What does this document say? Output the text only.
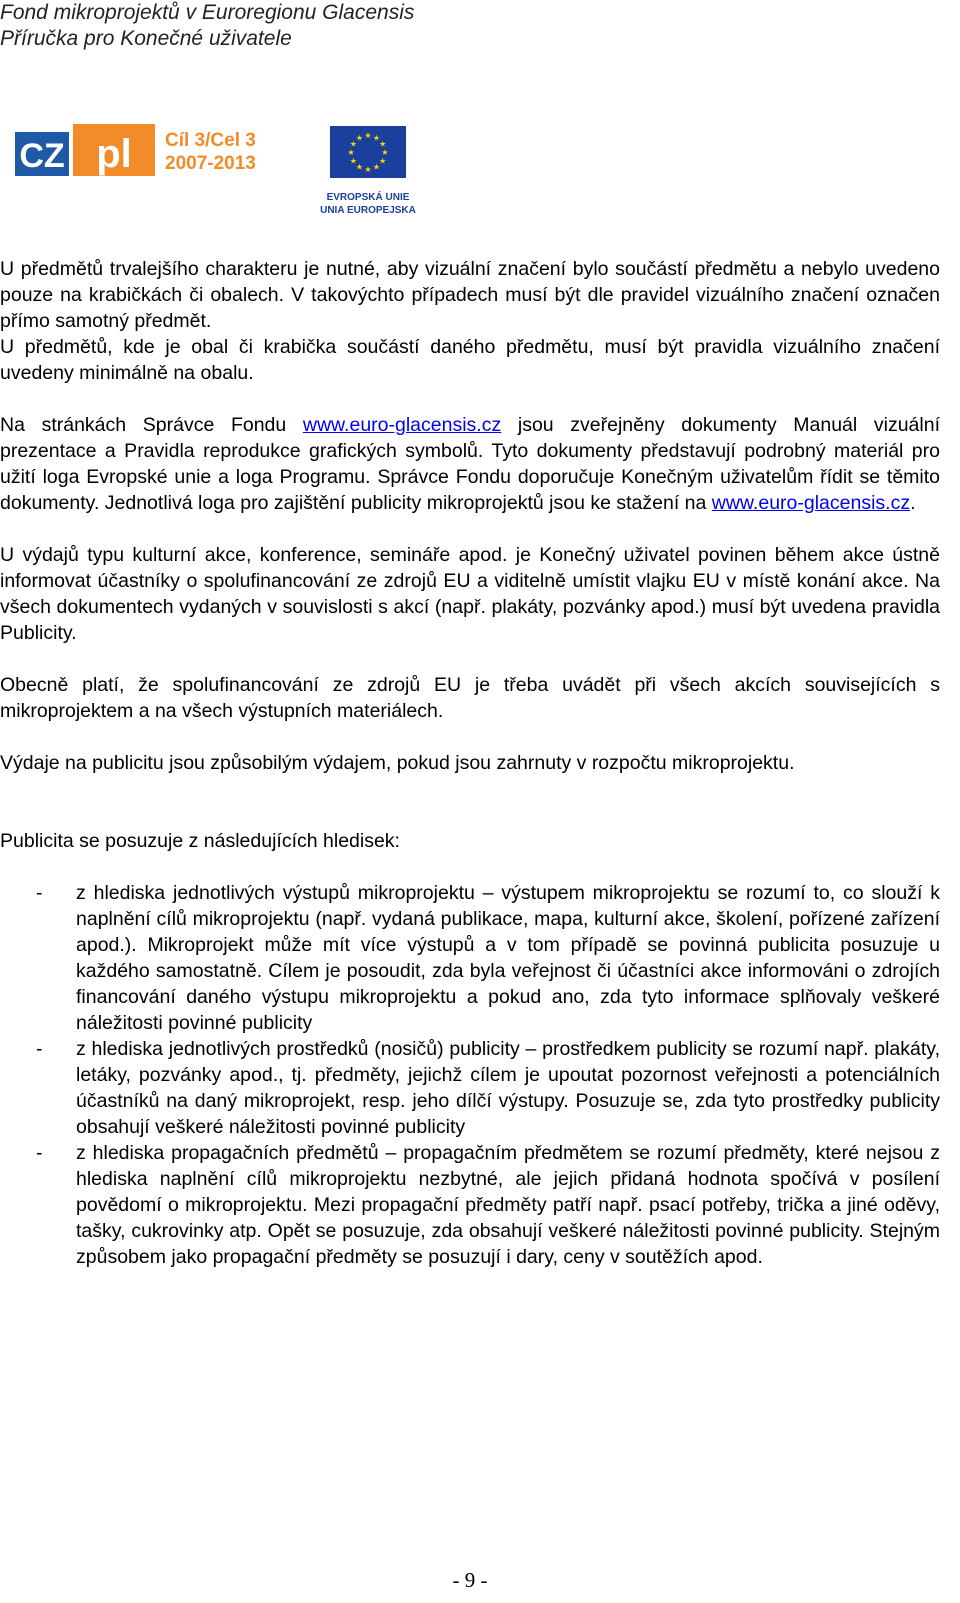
Fond mikroprojektů v Euroregionu Glacensis
Příručka pro Konečné uživatele
CZ pl Cíl 3/Cel 3
2007-2013
★ ★
★
★
★
★
★
★
★
★
★
★
EVROPSKÁ UNIE
UNIA EUROPEJSKA

U předmětů trvalejšího charakteru je nutné, aby vizuální značení bylo součástí předmětu a nebylo uvedeno pouze na krabičkách či obalech. V takovýchto případech musí být dle pravidel vizuálního značení označen přímo samotný předmět.

U předmětů, kde je obal či krabička součástí daného předmětu, musí být pravidla vizuálního značení uvedeny minimálně na obalu.

Na stránkách Správce Fondu www.euro-glacensis.cz jsou zveřejněny dokumenty Manuál vizuální prezentace a Pravidla reprodukce grafických symbolů. Tyto dokumenty představují podrobný materiál pro užití loga Evropské unie a loga Programu. Správce Fondu doporučuje Konečným uživatelům řídit se těmito dokumenty. Jednotlivá loga pro zajištění publicity mikroprojektů jsou ke stažení na www.euro-glacensis.cz.

U výdajů typu kulturní akce, konference, semináře apod. je Konečný uživatel povinen během akce ústně informovat účastníky o spolufinancování ze zdrojů EU a viditelně umístit vlajku EU v místě konání akce. Na všech dokumentech vydaných v souvislosti s akcí (např. plakáty, pozvánky apod.) musí být uvedena pravidla Publicity.

Obecně platí, že spolufinancování ze zdrojů EU je třeba uvádět při všech akcích souvisejících s mikroprojektem a na všech výstupních materiálech.

Výdaje na publicitu jsou způsobilým výdajem, pokud jsou zahrnuty v rozpočtu mikroprojektu.

Publicita se posuzuje z následujících hledisek:

- z hlediska jednotlivých výstupů mikroprojektu – výstupem mikroprojektu se rozumí to, co slouží k naplnění cílů mikroprojektu (např. vydaná publikace, mapa, kulturní akce, školení, pořízené zařízení apod.). Mikroprojekt může mít více výstupů a v tom případě se povinná publicita posuzuje u každého samostatně. Cílem je posoudit, zda byla veřejnost či účastníci akce informováni o zdrojích financování daného výstupu mikroprojektu a pokud ano, zda tyto informace splňovaly veškeré náležitosti povinné publicity
- z hlediska jednotlivých prostředků (nosičů) publicity – prostředkem publicity se rozumí např. plakáty, letáky, pozvánky apod., tj. předměty, jejichž cílem je upoutat pozornost veřejnosti a potenciálních účastníků na daný mikroprojekt, resp. jeho dílčí výstupy. Posuzuje se, zda tyto prostředky publicity obsahují veškeré náležitosti povinné publicity
- z hlediska propagačních předmětů – propagačním předmětem se rozumí předměty, které nejsou z hlediska naplnění cílů mikroprojektu nezbytné, ale jejich přidaná hodnota spočívá v posílení povědomí o mikroprojektu. Mezi propagační předměty patří např. psací potřeby, trička a jiné oděvy, tašky, cukrovinky atp. Opět se posuzuje, zda obsahují veškeré náležitosti povinné publicity. Stejným způsobem jako propagační předměty se posuzují i dary, ceny v soutěžích apod.
- 9 -
